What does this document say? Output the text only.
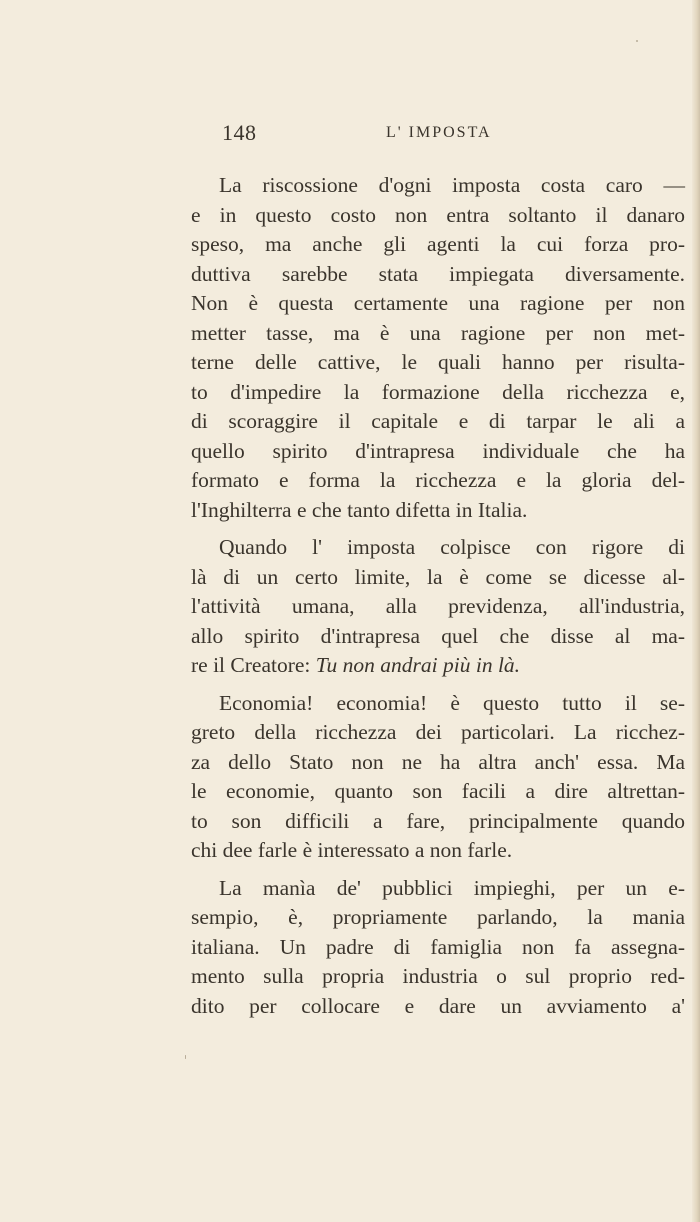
148	L' IMPOSTA

La riscossione d'ogni imposta costa caro —
e in questo costo non entra soltanto il danaro
speso, ma anche gli agenti la cui forza pro-
duttiva sarebbe stata impiegata diversamente.
Non è questa certamente una ragione per non
metter tasse, ma è una ragione per non met-
terne delle cattive, le quali hanno per risulta-
to d'impedire la formazione della ricchezza e,
di scoraggire il capitale e di tarpar le ali a
quello spirito d'intrapresa individuale che ha
formato e forma la ricchezza e la gloria del-
l'Inghilterra e che tanto difetta in Italia.

Quando l' imposta colpisce con rigore di
là di un certo limite, la è come se dicesse al-
l'attività umana, alla previdenza, all'industria,
allo spirito d'intrapresa quel che disse al ma-
re il Creatore: Tu non andrai più in là.

Economia! economia! è questo tutto il se-
greto della ricchezza dei particolari. La ricchez-
za dello Stato non ne ha altra anch' essa. Ma
le economie, quanto son facili a dire altrettan-
to son difficili a fare, principalmente quando
chi dee farle è interessato a non farle.

La manìa de' pubblici impieghi, per un e-
sempio, è, propriamente parlando, la mania
italiana. Un padre di famiglia non fa assegna-
mento sulla propria industria o sul proprio red-
dito per collocare e dare un avviamento a'
